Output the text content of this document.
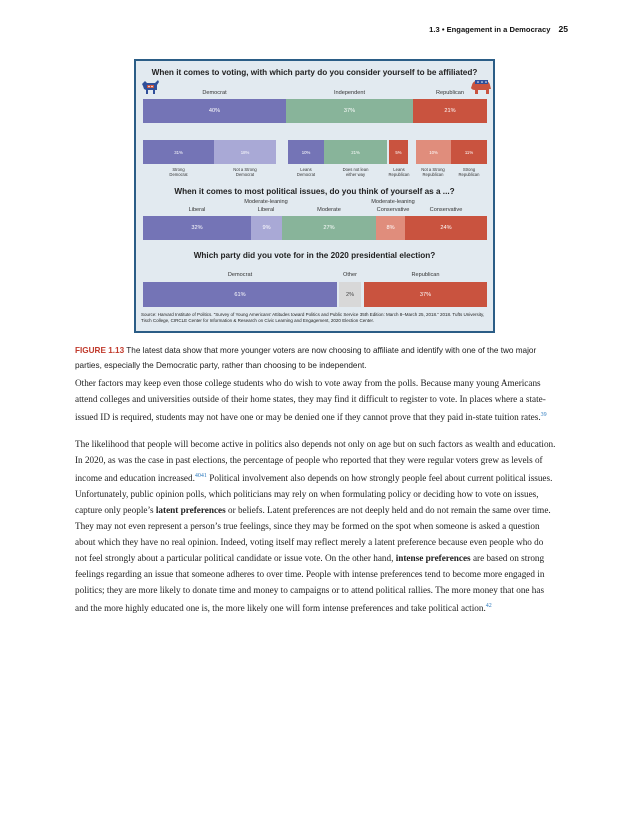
1.3 • Engagement in a Democracy 25
When it comes to voting, with which party do you consider yourself to be affiliated?
Democrat	Independent	Republican
40%	37%	21%
31%	18%	10%	21%	5%	10%	11%
Strong
Democrat
Not a Strong
Democrat
Leans
Democrat
Does not lean
either way
Leans
Republican
Not a Strong
Republican
Strong
Republican
When it comes to most political issues, do you think of yourself as a ...?
Liberal
Moderate-leaning
Liberal	Moderate
Moderate-leaning
Conservative	Conservative
32%	9%	27%	8%	24%
Which party did you vote for in the 2020 presidential election?
Democrat	Other	Republican
61%	2%	37%
Source: Harvard Institute of Politics. “Survey of Young Americans’ Attitudes toward Politics and Public Service 35th Edition: March 8–March 25, 2018.” 2018. Tufts University, Tisch College, CIRCLE Center for Information & Research on Civic Learning and Engagement, 2020 Election Center.
FIGURE 1.13 The latest data show that more younger voters are now choosing to affiliate and identify with one of the two major parties, especially the Democratic party, rather than choosing to be independent.
Other factors may keep even those college students who do wish to vote away from the polls. Because many young Americans attend colleges and universities outside of their home states, they may find it difficult to register to vote. In places where a state-issued ID is required, students may not have one or may be denied one if they cannot prove that they paid in-state tuition rates.$^{39}$
The likelihood that people will become active in politics also depends not only on age but on such factors as wealth and education. In 2020, as was the case in past elections, the percentage of people who reported that they were regular voters grew as levels of income and education increased.$^{4041}$ Political involvement also depends on how strongly people feel about current political issues. Unfortunately, public opinion polls, which politicians may rely on when formulating policy or deciding how to vote on issues, capture only people’s latent preferences or beliefs. Latent preferences are not deeply held and do not remain the same over time. They may not even represent a person’s true feelings, since they may be formed on the spot when someone is asked a question about which they have no real opinion. Indeed, voting itself may reflect merely a latent preference because even people who do not feel strongly about a particular political candidate or issue vote. On the other hand, intense preferences are based on strong feelings regarding an issue that someone adheres to over time. People with intense preferences tend to become more engaged in politics; they are more likely to donate time and money to campaigns or to attend political rallies. The more money that one has and the more highly educated one is, the more likely one will form intense preferences and take political action.$^{42}$
